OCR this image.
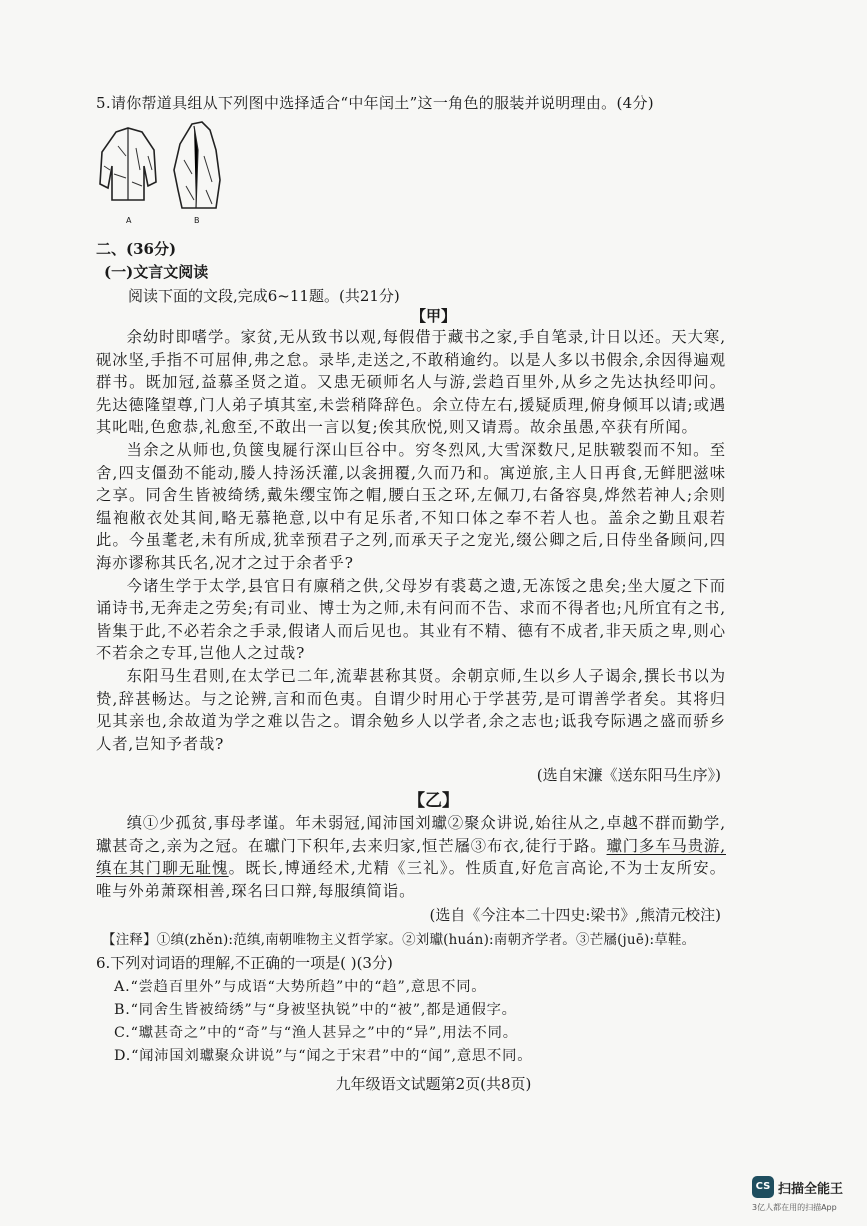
5.请你帮道具组从下列图中选择适合“中年闰土”这一角色的服装并说明理由。(4分)
A	B
二、(36分)
(一)文言文阅读
阅读下面的文段,完成6~11题。(共21分)
【甲】

余幼时即嗜学。家贫,无从致书以观,每假借于藏书之家,手自笔录,计日以还。天大寒,砚冰坚,手指不可屈伸,弗之怠。录毕,走送之,不敢稍逾约。以是人多以书假余,余因得遍观群书。既加冠,益慕圣贤之道。又患无硕师名人与游,尝趋百里外,从乡之先达执经叩问。先达德隆望尊,门人弟子填其室,未尝稍降辞色。余立侍左右,援疑质理,俯身倾耳以请;或遇其叱咄,色愈恭,礼愈至,不敢出一言以复;俟其欣悦,则又请焉。故余虽愚,卒获有所闻。

当余之从师也,负箧曳屣行深山巨谷中。穷冬烈风,大雪深数尺,足肤皲裂而不知。至舍,四支僵劲不能动,媵人持汤沃灌,以衾拥覆,久而乃和。寓逆旅,主人日再食,无鲜肥滋味之享。同舍生皆被绮绣,戴朱缨宝饰之帽,腰白玉之环,左佩刀,右备容臭,烨然若神人;余则缊袍敝衣处其间,略无慕艳意,以中有足乐者,不知口体之奉不若人也。盖余之勤且艰若此。今虽耄老,未有所成,犹幸预君子之列,而承天子之宠光,缀公卿之后,日侍坐备顾问,四海亦谬称其氏名,况才之过于余者乎?

今诸生学于太学,县官日有廪稍之供,父母岁有裘葛之遗,无冻馁之患矣;坐大厦之下而诵诗书,无奔走之劳矣;有司业、博士为之师,未有问而不告、求而不得者也;凡所宜有之书,皆集于此,不必若余之手录,假诸人而后见也。其业有不精、德有不成者,非天质之卑,则心不若余之专耳,岂他人之过哉?

东阳马生君则,在太学已二年,流辈甚称其贤。余朝京师,生以乡人子谒余,撰长书以为贽,辞甚畅达。与之论辨,言和而色夷。自谓少时用心于学甚劳,是可谓善学者矣。其将归见其亲也,余故道为学之难以告之。谓余勉乡人以学者,余之志也;诋我夸际遇之盛而骄乡人者,岂知予者哉?

(选自宋濂《送东阳马生序》)
【乙】

缜①少孤贫,事母孝谨。年未弱冠,闻沛国刘瓛②聚众讲说,始往从之,卓越不群而勤学,瓛甚奇之,亲为之冠。在瓛门下积年,去来归家,恒芒屩③布衣,徒行于路。瓛门多车马贵游,缜在其门聊无耻愧。既长,博通经术,尤精《三礼》。性质直,好危言高论,不为士友所安。唯与外弟萧琛相善,琛名曰口辩,每服缜简诣。

(选自《今注本二十四史:梁书》,熊清元校注)
【注释】①缜(zhěn):范缜,南朝唯物主义哲学家。②刘瓛(huán):南朝齐学者。③芒屩(juē):草鞋。
6.下列对词语的理解,不正确的一项是( )(3分)
A.“尝趋百里外”与成语“大势所趋”中的“趋”,意思不同。
B.“同舍生皆被绮绣”与“身被坚执锐”中的“被”,都是通假字。
C.“瓛甚奇之”中的“奇”与“渔人甚异之”中的“异”,用法不同。
D.“闻沛国刘瓛聚众讲说”与“闻之于宋君”中的“闻”,意思不同。
九年级语文试题第2页(共8页)
CS 扫描全能王
3亿人都在用的扫描App
